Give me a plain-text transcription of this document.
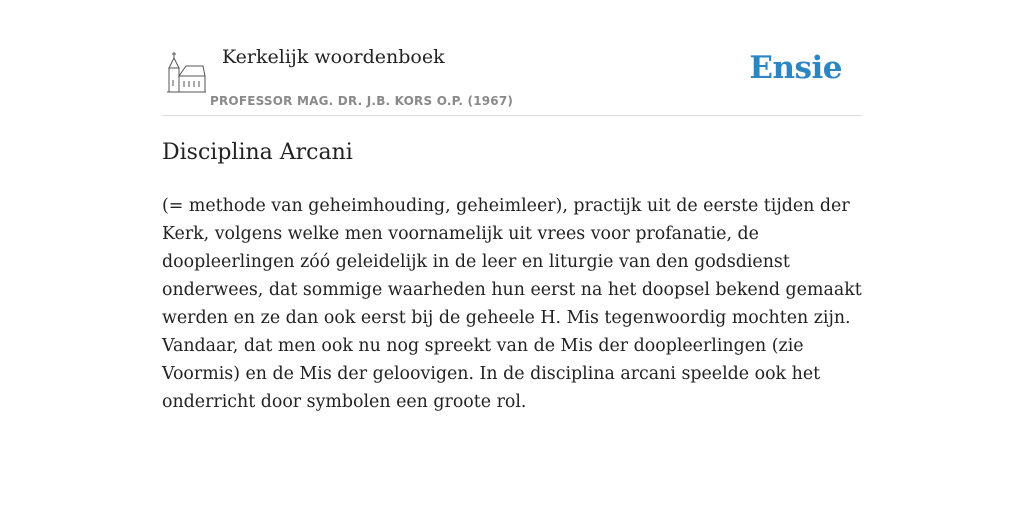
Kerkelijk woordenboek
PROFESSOR MAG. DR. J.B. KORS O.P. (1967)
Ensie
Disciplina Arcani

(= methode van geheimhouding, geheimleer), practijk uit de eerste tijden der Kerk, volgens welke men voornamelijk uit vrees voor profanatie, de doopleerlingen zóó geleidelijk in de leer en liturgie van den godsdienst onderwees, dat sommige waarheden hun eerst na het doopsel bekend gemaakt werden en ze dan ook eerst bij de geheele H. Mis tegenwoordig mochten zijn. Vandaar, dat men ook nu nog spreekt van de Mis der doopleerlingen (zie Voormis) en de Mis der geloovigen. In de disciplina arcani speelde ook het onderricht door symbolen een groote rol.
